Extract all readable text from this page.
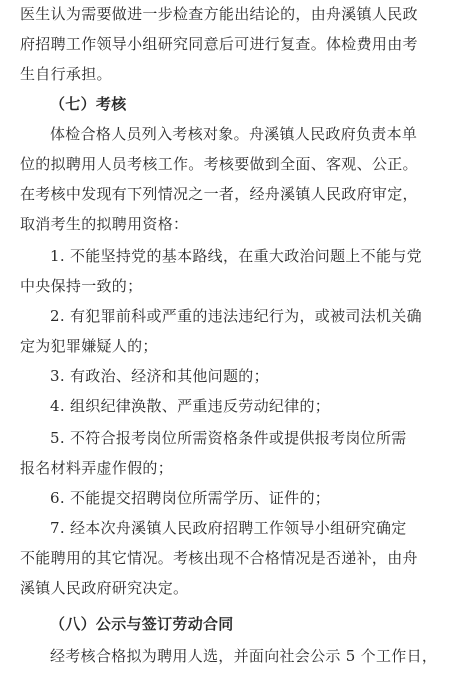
医生认为需要做进一步检查方能出结论的，由舟溪镇人民政
府招聘工作领导小组研究同意后可进行复查。体检费用由考
生自行承担。
（七）考核
体检合格人员列入考核对象。舟溪镇人民政府负责本单
位的拟聘用人员考核工作。考核要做到全面、客观、公正。
在考核中发现有下列情况之一者，经舟溪镇人民政府审定，
取消考生的拟聘用资格：
1. 不能坚持党的基本路线，在重大政治问题上不能与党
中央保持一致的；
2. 有犯罪前科或严重的违法违纪行为，或被司法机关确
定为犯罪嫌疑人的；
3. 有政治、经济和其他问题的；
4. 组织纪律涣散、严重违反劳动纪律的；
5. 不符合报考岗位所需资格条件或提供报考岗位所需
报名材料弄虚作假的；
6. 不能提交招聘岗位所需学历、证件的；
7. 经本次舟溪镇人民政府招聘工作领导小组研究确定
不能聘用的其它情况。考核出现不合格情况是否递补，由舟
溪镇人民政府研究决定。
（八）公示与签订劳动合同
经考核合格拟为聘用人选，并面向社会公示 5 个工作日，
